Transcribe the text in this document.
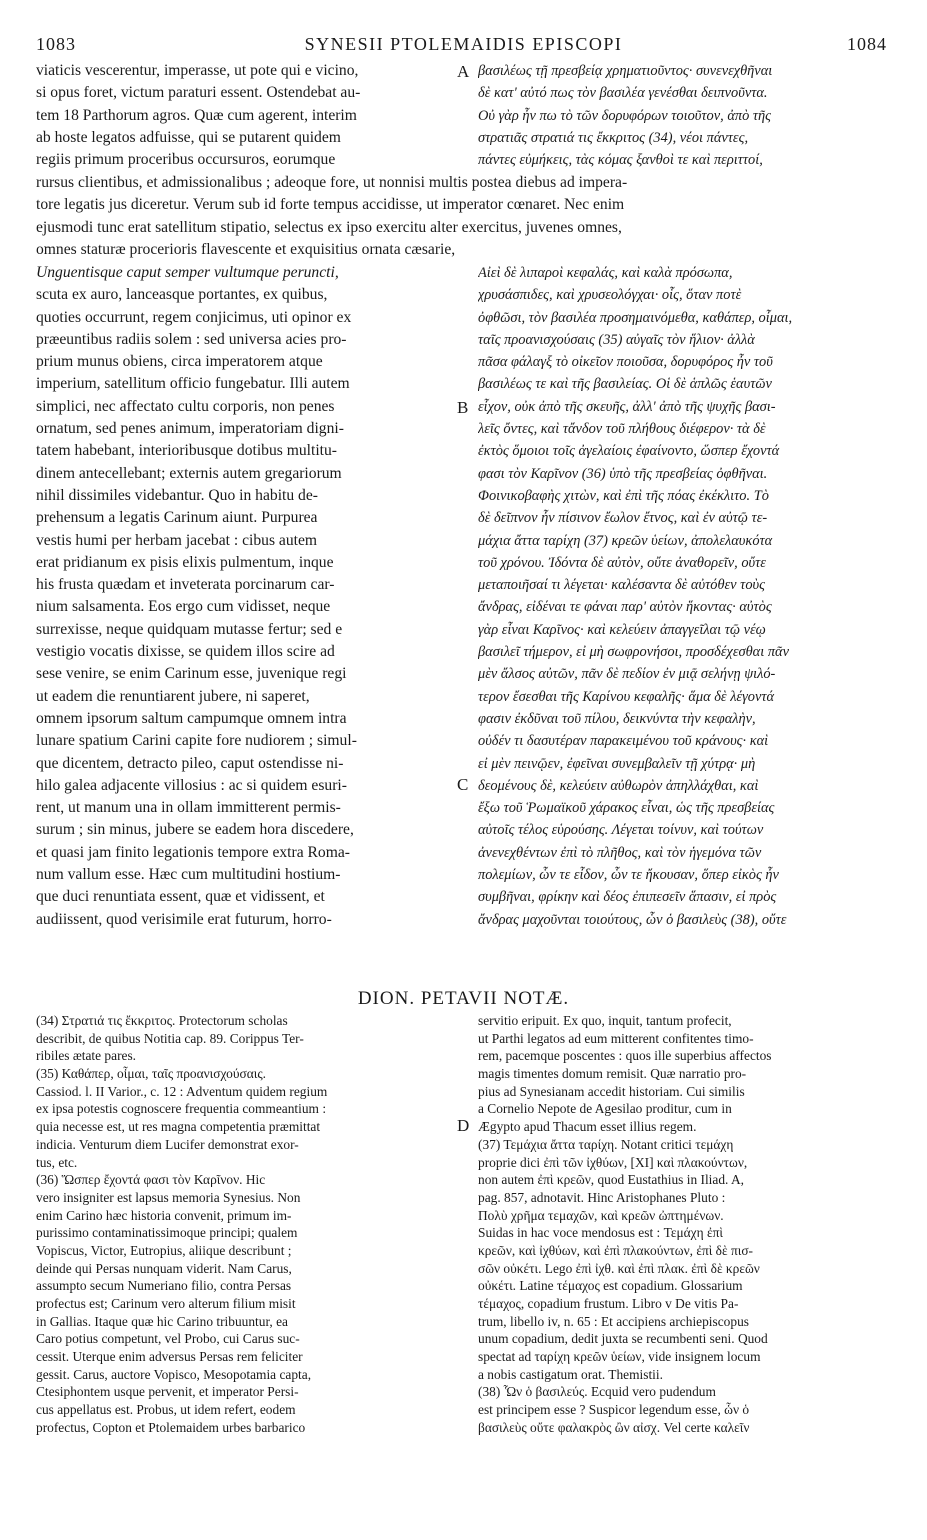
1083	SYNESII PTOLEMAIDIS EPISCOPI	1084
viaticis vescerentur, imperasse, ut pote qui e vicino,
si opus foret, victum paraturi essent. Ostendebat au-
tem 18 Parthorum agros. Quæ cum agerent, interim
ab hoste legatos adfuisse, qui se putarent quidem
regiis primum proceribus occursuros, eorumque
βασιλέως τῇ πρεσβείᾳ χρηματιοῦντος· συνενεχθῆναι
δὲ κατ' αὐτό πως τὸν βασιλέα γενέσθαι δειπνοῦντα.
Οὐ γὰρ ἦν πω τὸ τῶν δορυφόρων τοιοῦτον, ἀπὸ τῆς
στρατιᾶς στρατιά τις ἔκκριτος (34), νέοι πάντες,
πάντες εὐμήκεις, τὰς κόμας ξανθοὶ τε καὶ περιττοί,
A
rursus clientibus, et admissionalibus ; adeoque fore, ut nonnisi multis postea diebus ad impera-
tore legatis jus diceretur. Verum sub id forte tempus accidisse, ut imperator cœnaret. Nec enim
ejusmodi tunc erat satellitum stipatio, selectus ex ipso exercitu alter exercitus, juvenes omnes,
omnes staturæ procerioris flavescente et exquisitius ornata cæsarie,
Unguentisque caput semper vultumque peruncti,
scuta ex auro, lanceasque portantes, ex quibus,
quoties occurrunt, regem conjicimus, uti opinor ex
præeuntibus radiis solem : sed universa acies pro-
prium munus obiens, circa imperatorem atque
imperium, satellitum officio fungebatur. Illi autem
simplici, nec affectato cultu corporis, non penes
ornatum, sed penes animum, imperatoriam digni-
tatem habebant, interioribusque dotibus multitu-
dinem antecellebant; externis autem gregariorum
nihil dissimiles videbantur. Quo in habitu de-
prehensum a legatis Carinum aiunt. Purpurea
vestis humi per herbam jacebat : cibus autem
erat pridianum ex pisis elixis pulmentum, inque
his frusta quædam et inveterata porcinarum car-
nium salsamenta. Eos ergo cum vidisset, neque
surrexisse, neque quidquam mutasse fertur; sed e
vestigio vocatis dixisse, se quidem illos scire ad
sese venire, se enim Carinum esse, juvenique regi
ut eadem die renuntiarent jubere, ni saperet,
omnem ipsorum saltum campumque omnem intra
lunare spatium Carini capite fore nudiorem ; simul-
que dicentem, detracto pileo, caput ostendisse ni-
hilo galea adjacente villosius : ac si quidem esuri-
rent, ut manum una in ollam immitterent permis-
surum ; sin minus, jubere se eadem hora discedere,
et quasi jam finito legationis tempore extra Roma-
num vallum esse. Hæc cum multitudini hostium-
que duci renuntiata essent, quæ et vidissent, et
audiissent, quod verisimile erat futurum, horro-
Αἰεὶ δὲ λιπαροὶ κεφαλάς, καὶ καλὰ πρόσωπα,
χρυσάσπιδες, καὶ χρυσεολόγχαι· οἷς, ὅταν ποτὲ
ὀφθῶσι, τὸν βασιλέα προσημαινόμεθα, καθάπερ, οἶμαι,
ταῖς προανισχούσαις (35) αὐγαῖς τὸν ἥλιον· ἀλλὰ
πᾶσα φάλαγξ τὸ οἰκεῖον ποιοῦσα, δορυφόρος ἦν τοῦ
βασιλέως τε καὶ τῆς βασιλείας. Οἱ δὲ ἁπλῶς ἑαυτῶν
εἶχον, οὐκ ἀπὸ τῆς σκευῆς, ἀλλ' ἀπὸ τῆς ψυχῆς βασι-
λεῖς ὄντες, καὶ τἄνδον τοῦ πλήθους διέφερον· τὰ δὲ
ἐκτὸς ὅμοιοι τοῖς ἀγελαίοις ἐφαίνοντο, ὥσπερ ἔχοντά
φασι τὸν Καρῖνον (36) ὑπὸ τῆς πρεσβείας ὀφθῆναι.
Φοινικοβαφὴς χιτὼν, καὶ ἐπὶ τῆς πόας ἐκέκλιτο. Τὸ
δὲ δεῖπνον ἦν πίσινον ἔωλον ἔτνος, καὶ ἐν αὐτῷ τε-
μάχια ἄττα ταρίχη (37) κρεῶν ὑείων, ἀπολελαυκότα
τοῦ χρόνου. Ἰδόντα δὲ αὐτὸν, οὔτε ἀναθορεῖν, οὔτε
μεταποιῆσαί τι λέγεται· καλέσαντα δὲ αὐτόθεν τοὺς
ἄνδρας, εἰδέναι τε φάναι παρ' αὐτὸν ἥκοντας· αὐτὸς
γὰρ εἶναι Καρῖνος· καὶ κελεύειν ἀπαγγεῖλαι τῷ νέῳ
βασιλεῖ τήμερον, εἰ μὴ σωφρονήσοι, προσδέχεσθαι πᾶν
μὲν ἄλσος αὐτῶν, πᾶν δὲ πεδίον ἐν μιᾷ σελήνῃ ψιλό-
τερον ἔσεσθαι τῆς Καρίνου κεφαλῆς· ἅμα δὲ λέγοντά
φασιν ἐκδῦναι τοῦ πίλου, δεικνύντα τὴν κεφαλὴν,
οὐδέν τι δασυτέραν παρακειμένου τοῦ κράνους· καὶ
εἰ μὲν πεινῷεν, ἐφεῖναι συνεμβαλεῖν τῇ χύτρᾳ· μὴ
δεομένους δὲ, κελεύειν αὐθωρὸν ἀπηλλάχθαι, καὶ
ἔξω τοῦ Ῥωμαϊκοῦ χάρακος εἶναι, ὡς τῆς πρεσβείας
αὐτοῖς τέλος εὑρούσης. Λέγεται τοίνυν, καὶ τούτων
ἀνενεχθέντων ἐπὶ τὸ πλῆθος, καὶ τὸν ἡγεμόνα τῶν
πολεμίων, ὧν τε εἶδον, ὧν τε ἤκουσαν, ὅπερ εἰκὸς ἦν
συμβῆναι, φρίκην καὶ δέος ἐπιπεσεῖν ἅπασιν, εἰ πρὸς
ἄνδρας μαχοῦνται τοιούτους, ὧν ὁ βασιλεὺς (38), οὔτε
B
C
DION. PETAVII NOTÆ.
(34) Στρατιά τις ἔκκριτος. Protectorum scholas
describit, de quibus Notitia cap. 89. Corippus Ter-
ribiles ætate pares.
(35) Καθάπερ, οἶμαι, ταῖς προανισχούσαις.
Cassiod. l. II Varior., c. 12 : Adventum quidem regium
ex ipsa potestis cognoscere frequentia commeantium :
quia necesse est, ut res magna competentia præmittat
indicia. Venturum diem Lucifer demonstrat exor-
tus, etc.
(36) Ὥσπερ ἔχοντά φασι τὸν Καρῖνον. Hic
vero insigniter est lapsus memoria Synesius. Non
enim Carino hæc historia convenit, primum im-
purissimo contaminatissimoque principi; qualem
Vopiscus, Victor, Eutropius, aliique describunt ;
deinde qui Persas nunquam viderit. Nam Carus,
assumpto secum Numeriano filio, contra Persas
profectus est; Carinum vero alterum filium misit
in Gallias. Itaque quæ hic Carino tribuuntur, ea
Caro potius competunt, vel Probo, cui Carus suc-
cessit. Uterque enim adversus Persas rem feliciter
gessit. Carus, auctore Vopisco, Mesopotamia capta,
Ctesiphontem usque pervenit, et imperator Persi-
cus appellatus est. Probus, ut idem refert, eodem
profectus, Copton et Ptolemaidem urbes barbarico
D
servitio eripuit. Ex quo, inquit, tantum profecit,
ut Parthi legatos ad eum mitterent confitentes timo-
rem, pacemque poscentes : quos ille superbius affectos
magis timentes domum remisit. Quæ narratio pro-
pius ad Synesianam accedit historiam. Cui similis
a Cornelio Nepote de Agesilao proditur, cum in
Ægypto apud Thacum esset illius regem.
(37) Τεμάχια ἄττα ταρίχη. Notant critici τεμάχη
proprie dici ἐπὶ τῶν ἰχθύων, [XI] καὶ πλακούντων,
non autem ἐπὶ κρεῶν, quod Eustathius in Iliad. A,
pag. 857, adnotavit. Hinc Aristophanes Pluto :
Πολὺ χρῆμα τεμαχῶν, καὶ κρεῶν ὠπτημένων.
Suidas in hac voce mendosus est : Τεμάχη ἐπὶ
κρεῶν, καὶ ἰχθύων, καὶ ἐπὶ πλακούντων, ἐπὶ δὲ πισ-
σῶν οὐκέτι. Lego ἐπὶ ἰχθ. καὶ ἐπὶ πλακ. ἐπὶ δὲ κρεῶν
οὐκέτι. Latine τέμαχος est copadium. Glossarium
τέμαχος, copadium frustum. Libro v De vitis Pa-
trum, libello iv, n. 65 : Et accipiens archiepiscopus
unum copadium, dedit juxta se recumbenti seni. Quod
spectat ad ταρίχη κρεῶν ὑείων, vide insignem locum
a nobis castigatum orat. Themistii.
(38) Ὧν ὁ βασιλεύς. Ecquid vero pudendum
est principem esse ? Suspicor legendum esse, ὧν ὁ
βασιλεὺς οὔτε φαλακρὸς ὢν αἰσχ. Vel certe καλεῖν
